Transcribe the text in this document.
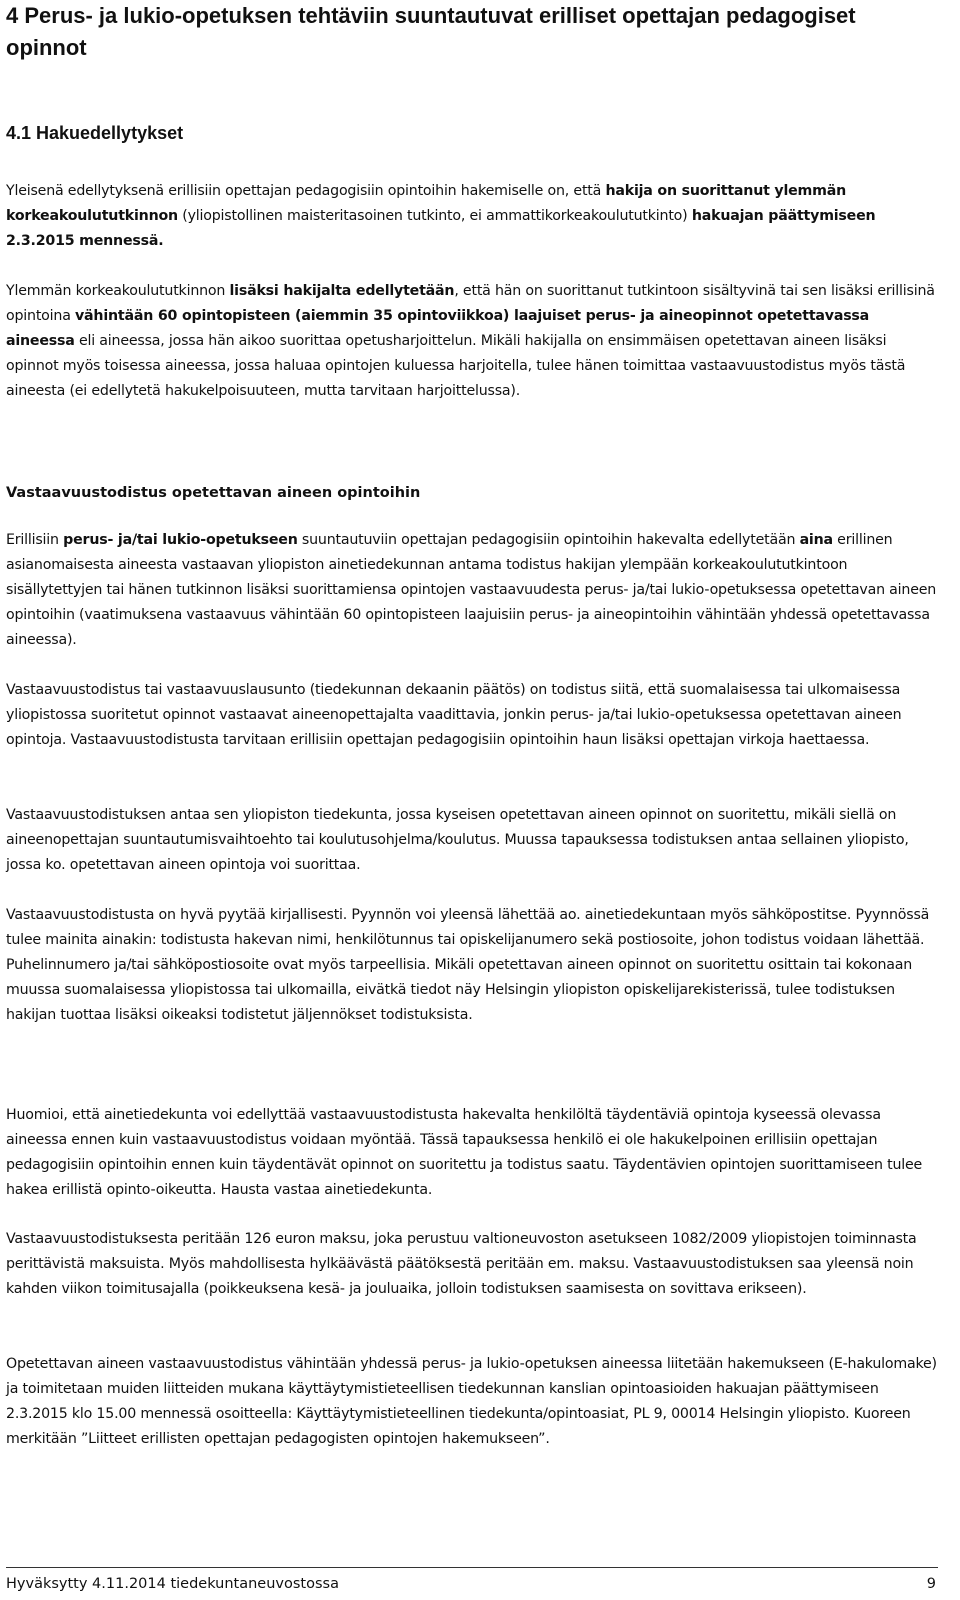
4 Perus- ja lukio-opetuksen tehtäviin suuntautuvat erilliset opettajan pedagogiset opinnot
4.1 Hakuedellytykset

Yleisenä edellytyksenä erillisiin opettajan pedagogisiin opintoihin hakemiselle on, että hakija on suorittanut ylemmän korkeakoulututkinnon (yliopistollinen maisteritasoinen tutkinto, ei ammattikorkeakoulututkinto) hakuajan päättymiseen 2.3.2015 mennessä.

Ylemmän korkeakoulututkinnon lisäksi hakijalta edellytetään, että hän on suorittanut tutkintoon sisältyvinä tai sen lisäksi erillisinä opintoina vähintään 60 opintopisteen (aiemmin 35 opintoviikkoa) laajuiset perus- ja aineopinnot opetettavassa aineessa eli aineessa, jossa hän aikoo suorittaa opetusharjoittelun. Mikäli hakijalla on ensimmäisen opetettavan aineen lisäksi opinnot myös toisessa aineessa, jossa haluaa opintojen kuluessa harjoitella, tulee hänen toimittaa vastaavuustodistus myös tästä aineesta (ei edellytetä hakukelpoisuuteen, mutta tarvitaan harjoittelussa).

Vastaavuustodistus opetettavan aineen opintoihin

Erillisiin perus- ja/tai lukio-opetukseen suuntautuviin opettajan pedagogisiin opintoihin hakevalta edellytetään aina erillinen asianomaisesta aineesta vastaavan yliopiston ainetiedekunnan antama todistus hakijan ylempään korkeakoulututkintoon sisällytettyjen tai hänen tutkinnon lisäksi suorittamiensa opintojen vastaavuudesta perus- ja/tai lukio-opetuksessa opetettavan aineen opintoihin (vaatimuksena vastaavuus vähintään 60 opintopisteen laajuisiin perus- ja aineopintoihin vähintään yhdessä opetettavassa aineessa).

Vastaavuustodistus tai vastaavuuslausunto (tiedekunnan dekaanin päätös) on todistus siitä, että suomalaisessa tai ulkomaisessa yliopistossa suoritetut opinnot vastaavat aineenopettajalta vaadittavia, jonkin perus- ja/tai lukio-opetuksessa opetettavan aineen opintoja. Vastaavuustodistusta tarvitaan erillisiin opettajan pedagogisiin opintoihin haun lisäksi opettajan virkoja haettaessa.

Vastaavuustodistuksen antaa sen yliopiston tiedekunta, jossa kyseisen opetettavan aineen opinnot on suoritettu, mikäli siellä on aineenopettajan suuntautumisvaihtoehto tai koulutusohjelma/koulutus. Muussa tapauksessa todistuksen antaa sellainen yliopisto, jossa ko. opetettavan aineen opintoja voi suorittaa.

Vastaavuustodistusta on hyvä pyytää kirjallisesti. Pyynnön voi yleensä lähettää ao. ainetiedekuntaan myös sähköpostitse. Pyynnössä tulee mainita ainakin: todistusta hakevan nimi, henkilötunnus tai opiskelijanumero sekä postiosoite, johon todistus voidaan lähettää. Puhelinnumero ja/tai sähköpostiosoite ovat myös tarpeellisia. Mikäli opetettavan aineen opinnot on suoritettu osittain tai kokonaan muussa suomalaisessa yliopistossa tai ulkomailla, eivätkä tiedot näy Helsingin yliopiston opiskelijarekisterissä, tulee todistuksen hakijan tuottaa lisäksi oikeaksi todistetut jäljennökset todistuksista.

Huomioi, että ainetiedekunta voi edellyttää vastaavuustodistusta hakevalta henkilöltä täydentäviä opintoja kyseessä olevassa aineessa ennen kuin vastaavuustodistus voidaan myöntää. Tässä tapauksessa henkilö ei ole hakukelpoinen erillisiin opettajan pedagogisiin opintoihin ennen kuin täydentävät opinnot on suoritettu ja todistus saatu. Täydentävien opintojen suorittamiseen tulee hakea erillistä opinto-oikeutta. Hausta vastaa ainetiedekunta.

Vastaavuustodistuksesta peritään 126 euron maksu, joka perustuu valtioneuvoston asetukseen 1082/2009 yliopistojen toiminnasta perittävistä maksuista. Myös mahdollisesta hylkäävästä päätöksestä peritään em. maksu. Vastaavuustodistuksen saa yleensä noin kahden viikon toimitusajalla (poikkeuksena kesä- ja jouluaika, jolloin todistuksen saamisesta on sovittava erikseen).

Opetettavan aineen vastaavuustodistus vähintään yhdessä perus- ja lukio-opetuksen aineessa liitetään hakemukseen (E-hakulomake) ja toimitetaan muiden liitteiden mukana käyttäytymistieteellisen tiedekunnan kanslian opintoasioiden hakuajan päättymiseen 2.3.2015 klo 15.00 mennessä osoitteella: Käyttäytymistieteellinen tiedekunta/opintoasiat, PL 9, 00014 Helsingin yliopisto. Kuoreen merkitään ”Liitteet erillisten opettajan pedagogisten opintojen hakemukseen”.

Hyväksytty 4.11.2014 tiedekuntaneuvostossa	9
